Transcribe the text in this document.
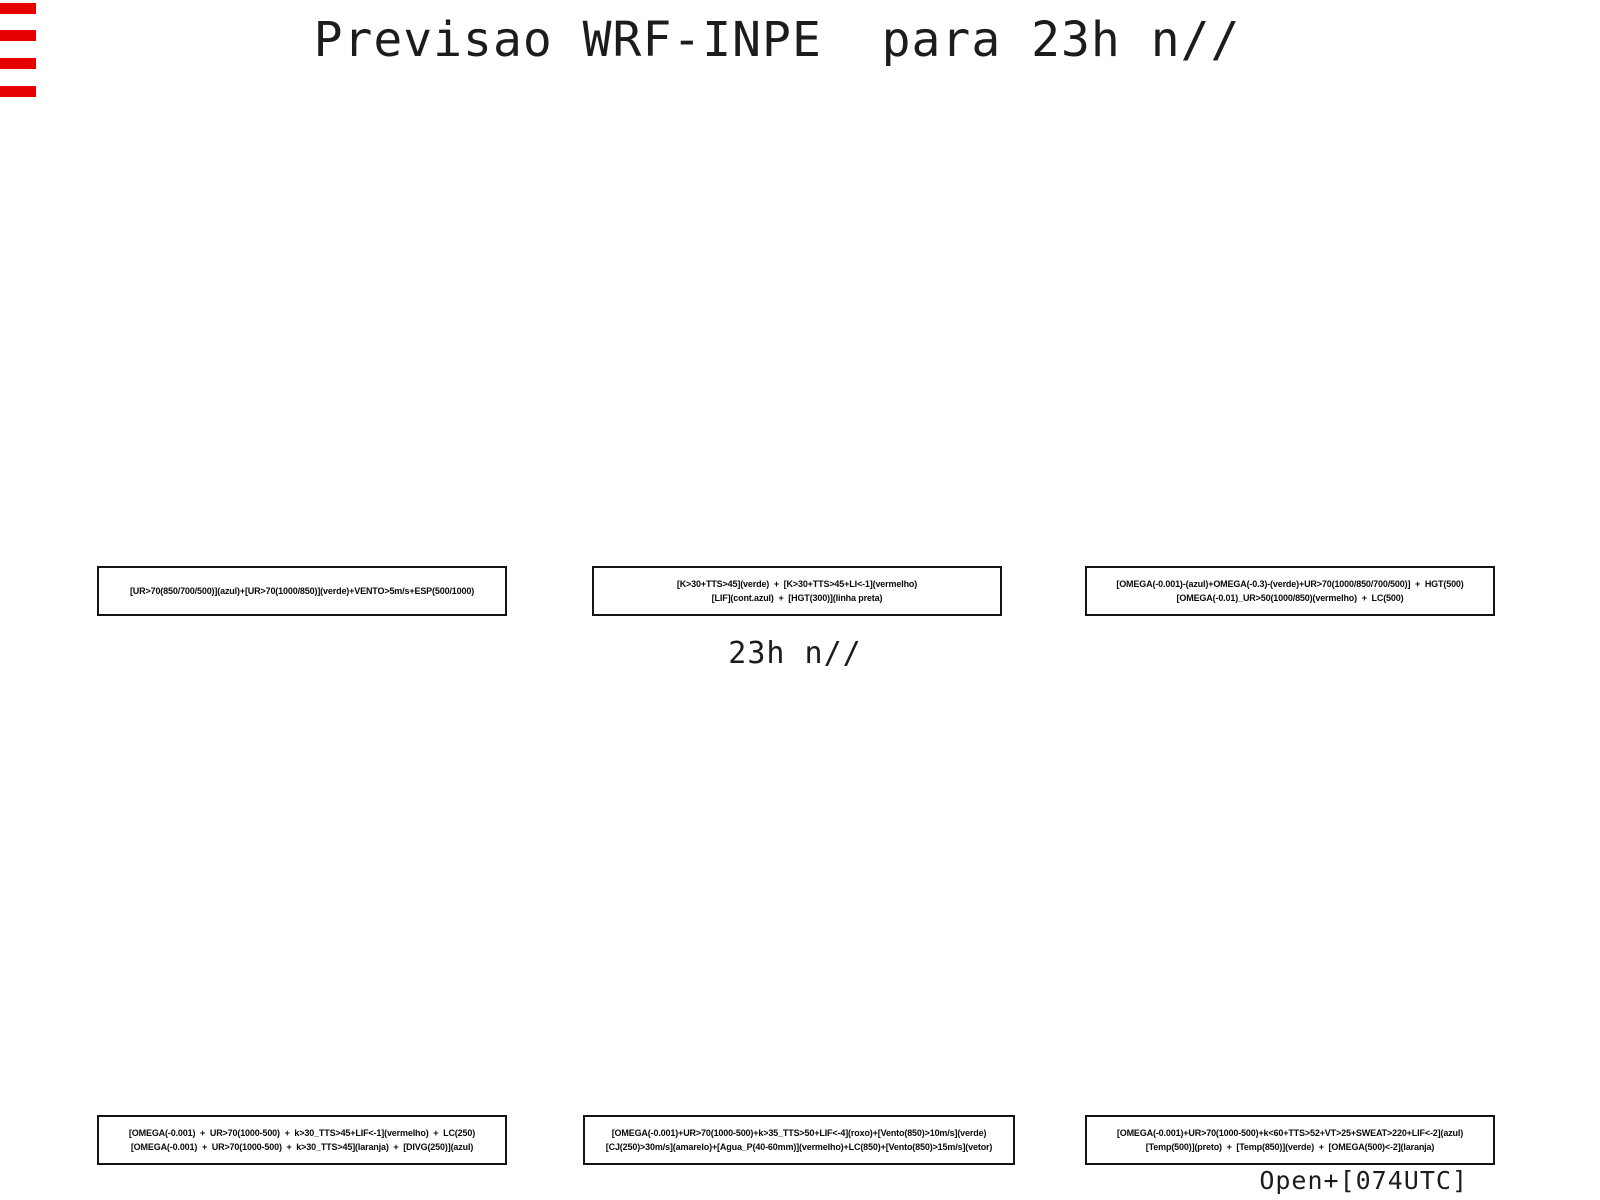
Previsao WRF-INPE  para 23h n//
[UR>70(850/700/500)](azul)+[UR>70(1000/850)](verde)+VENTO>5m/s+ESP(500/1000)
[K>30+TTS>45](verde)  +  [K>30+TTS>45+LI<-1](vermelho)
[LIF](cont.azul)  +  [HGT(300)](linha preta)
[OMEGA(-0.001)-(azul)+OMEGA(-0.3)-(verde)+UR>70(1000/850/700/500)]  +  HGT(500)
[OMEGA(-0.01)_UR>50(1000/850)(vermelho)  +  LC(500)
23h n//
[OMEGA(-0.001)  +  UR>70(1000-500)  +  k>30_TTS>45+LIF<-1](vermelho)  +  LC(250)
[OMEGA(-0.001)  +  UR>70(1000-500)  +  k>30_TTS>45](laranja)  +  [DIVG(250)](azul)
[OMEGA(-0.001)+UR>70(1000-500)+k>35_TTS>50+LIF<-4](roxo)+[Vento(850)>10m/s](verde)
[CJ(250)>30m/s](amarelo)+[Agua_P(40-60mm)](vermelho)+LC(850)+[Vento(850)>15m/s](vetor)
[OMEGA(-0.001)+UR>70(1000-500)+k<60+TTS>52+VT>25+SWEAT>220+LIF<-2](azul)
[Temp(500)](preto)  +  [Temp(850)](verde)  +  [OMEGA(500)<-2](laranja)
Open+[074UTC]
